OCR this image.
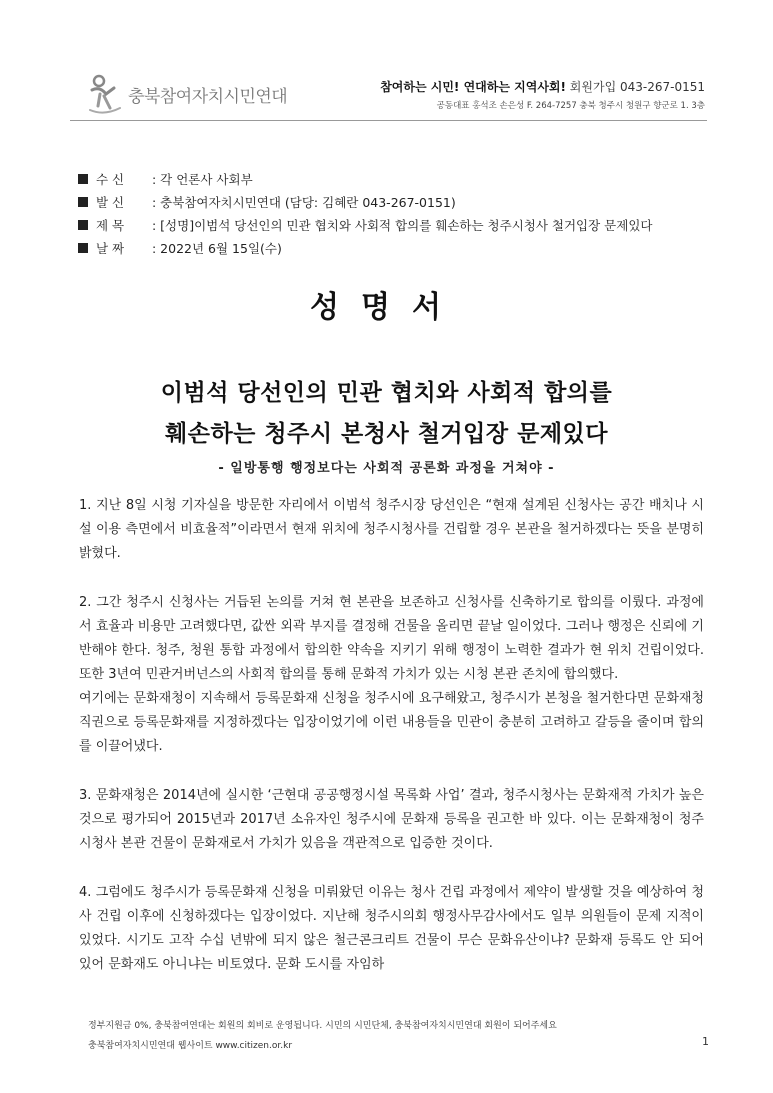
충북참여자치시민연대	참여하는 시민! 연대하는 지역사회! 회원가입 043-267-0151
공동대표 홍석조 손은성 F. 264-7257 충북 청주시 청원구 향군로 1. 3층
수 신	: 각 언론사 사회부
발 신	: 충북참여자치시민연대 (담당: 김혜란 043-267-0151)
제 목	: [성명]이범석 당선인의 민관 협치와 사회적 합의를 훼손하는 청주시청사 철거입장 문제있다
날 짜	: 2022년 6월 15일(수)
성명서
이범석 당선인의 민관 협치와 사회적 합의를
훼손하는 청주시 본청사 철거입장 문제있다
- 일방통행 행정보다는 사회적 공론화 과정을 거쳐야 -

1. 지난 8일 시청 기자실을 방문한 자리에서 이범석 청주시장 당선인은 “현재 설계된 신청사는 공간 배치나 시설 이용 측면에서 비효율적”이라면서 현재 위치에 청주시청사를 건립할 경우 본관을 철거하겠다는 뜻을 분명히 밝혔다.

2. 그간 청주시 신청사는 거듭된 논의를 거쳐 현 본관을 보존하고 신청사를 신축하기로 합의를 이뤘다. 과정에서 효율과 비용만 고려했다면, 값싼 외곽 부지를 결정해 건물을 올리면 끝날 일이었다. 그러나 행정은 신뢰에 기반해야 한다. 청주, 청원 통합 과정에서 합의한 약속을 지키기 위해 행정이 노력한 결과가 현 위치 건립이었다. 또한 3년여 민관거버넌스의 사회적 합의를 통해 문화적 가치가 있는 시청 본관 존치에 합의했다.

여기에는 문화재청이 지속해서 등록문화재 신청을 청주시에 요구해왔고, 청주시가 본청을 철거한다면 문화재청 직권으로 등록문화재를 지정하겠다는 입장이었기에 이런 내용들을 민관이 충분히 고려하고 갈등을 줄이며 합의를 이끌어냈다.

3. 문화재청은 2014년에 실시한 ‘근현대 공공행정시설 목록화 사업’ 결과, 청주시청사는 문화재적 가치가 높은 것으로 평가되어 2015년과 2017년 소유자인 청주시에 문화재 등록을 권고한 바 있다. 이는 문화재청이 청주시청사 본관 건물이 문화재로서 가치가 있음을 객관적으로 입증한 것이다.

4. 그럼에도 청주시가 등록문화재 신청을 미뤄왔던 이유는 청사 건립 과정에서 제약이 발생할 것을 예상하여 청사 건립 이후에 신청하겠다는 입장이었다. 지난해 청주시의회 행정사무감사에서도 일부 의원들이 문제 지적이 있었다. 시기도 고작 수십 년밖에 되지 않은 철근콘크리트 건물이 무슨 문화유산이냐? 문화재 등록도 안 되어 있어 문화재도 아니냐는 비토였다. 문화 도시를 자임하

정부지원금 0%, 충북참여연대는 회원의 회비로 운영됩니다. 시민의 시민단체, 충북참여자치시민연대 회원이 되어주세요
충북참여자치시민연대 웹사이트 www.citizen.or.kr	1
